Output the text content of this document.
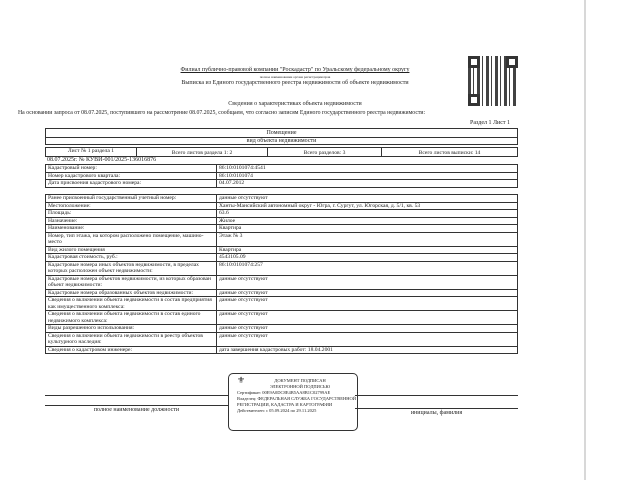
Филиал публично-правовой компании "Роскадастр" по Уральскому федеральному округу
полное наименование органа регистрации прав
Выписка из Единого государственного реестра недвижимости об объекте недвижимости
Сведения о характеристиках объекта недвижимости
На основании запроса от 08.07.2025, поступившего на рассмотрение 08.07.2025, сообщаем, что согласно записям Единого государственного реестра недвижимости:
Раздел 1 Лист 1
Помещение
вид объекта недвижимости
Лист № 1 раздела 1	Всего листов раздела 1: 2	Всего разделов: 3	Всего листов выписки: 14
08.07.2025г. № КУВИ-001/2025-136016876
Кадастровый номер:	86:10:0101074:4541
Номер кадастрового квартала:	86:10:0101074
Дата присвоения кадастрового номера:	04.07.2012
Ранее присвоенный государственный учетный номер:	данные отсутствуют
Местоположение:	Ханты-Мансийский автономный округ - Югра, г. Сургут, ул. Югорская, д. 5/1, кв. 53
Площадь:	63.6
Назначение:	Жилое
Наименование:	Квартира
Номер, тип этажа, на котором расположено помещение, машино-место	Этаж № 3
Вид жилого помещения	Квартира
Кадастровая стоимость, руб.:	4543105.09
Кадастровые номера иных объектов недвижимости, в пределах которых расположен объект недвижимости:	86:10:0101074:257
Кадастровые номера объектов недвижимости, из которых образован объект недвижимости:	данные отсутствуют
Кадастровые номера образованных объектов недвижимости:	данные отсутствуют
Сведения о включении объекта недвижимости в состав предприятия как имущественного комплекса:	данные отсутствуют
Сведения о включении объекта недвижимости в состав единого недвижимого комплекса:	данные отсутствуют
Виды разрешенного использования:	данные отсутствуют
Сведения о включении объекта недвижимости в реестр объектов культурного наследия:	данные отсутствуют
Сведения о кадастровом инженере:	дата завершения кадастровых работ: 18.04.2001
полное наименование должности	инициалы, фамилия
⚜	ДОКУМЕНТ ПОДПИСАН
ЭЛЕКТРОННОЙ ПОДПИСЬЮ
Сертификат: 00E9A0DC8E4B5AA8B1C02799AE
Владелец: ФЕДЕРАЛЬНАЯ СЛУЖБА ГОСУДАРСТВЕННОЙ
РЕГИСТРАЦИИ, КАДАСТРА И КАРТОГРАФИИ
Действителен: с 05.09.2024 по 29.11.2025
